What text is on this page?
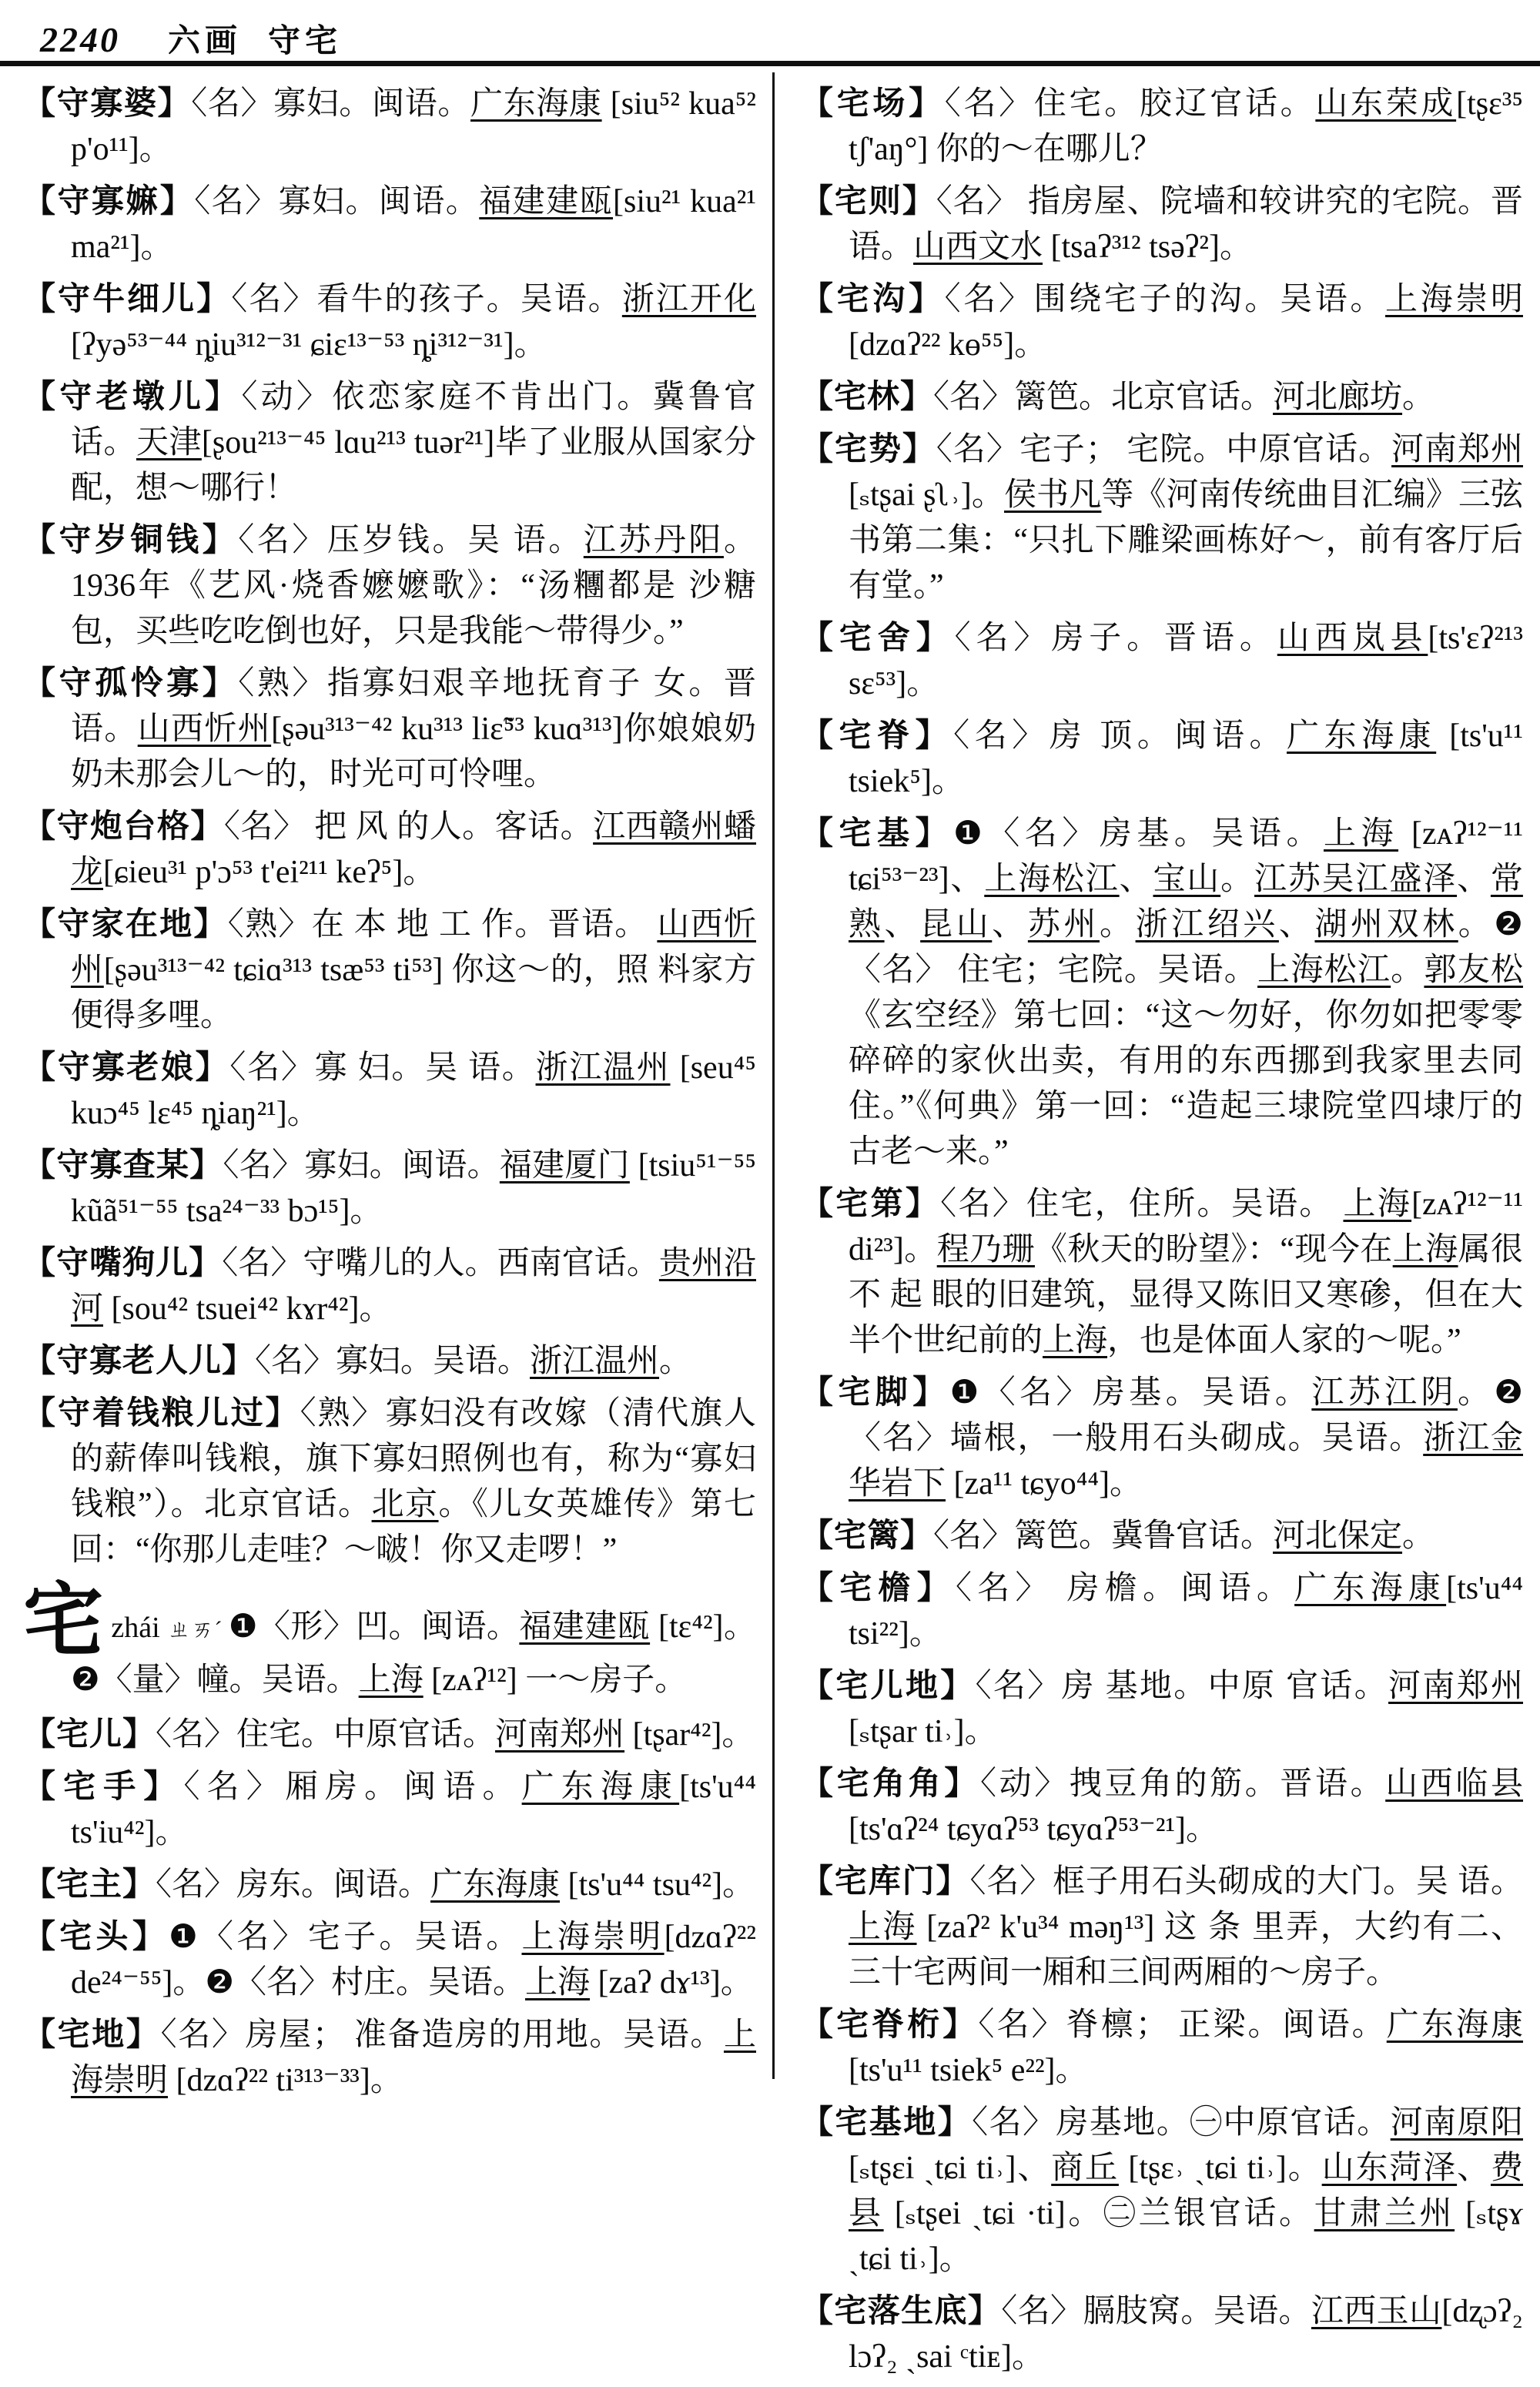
2240 六画 守宅

【守寡婆】〈名〉寡妇。闽语。广东海康 [siu⁵² kua⁵² p'o¹¹]。

【守寡嫲】〈名〉寡妇。闽语。福建建瓯[siu²¹ kua²¹ ma²¹]。

【守牛细儿】〈名〉看牛的孩子。吴语。浙江开化 [ʔyə⁵³⁻⁴⁴ ȵiu³¹²⁻³¹ ɕiɛ¹³⁻⁵³ ȵi³¹²⁻³¹]。

【守老墩儿】〈动〉依恋家庭不肯出门。冀鲁官 话。天津[ʂou²¹³⁻⁴⁵ lɑu²¹³ tuər²¹]毕了业服从国家分配，想～哪行！

【守岁铜钱】〈名〉压岁钱。吴 语。江苏丹阳。1936年《艺风·烧香嬷嬷歌》：“汤糰都是 沙糖包，买些吃吃倒也好，只是我能～带得少。”

【守孤怜寡】〈熟〉指寡妇艰辛地抚育子 女。晋语。山西忻州[ʂəu³¹³⁻⁴² ku³¹³ liɛ̃⁵³ kuɑ³¹³]你娘娘奶奶未那会儿～的，时光可可怜哩。

【守炮台格】〈名〉 把 风 的人。客话。江西赣州蟠龙[ɕieu³¹ p'ɔ⁵³ t'ei²¹¹ keʔ⁵]。

【守家在地】〈熟〉在 本 地 工 作。晋语。 山西忻州[ʂəu³¹³⁻⁴² tɕiɑ³¹³ tsæ⁵³ ti⁵³] 你这～的，照 料家方便得多哩。

【守寡老娘】〈名〉寡 妇。吴 语。浙江温州 [seu⁴⁵ kuɔ⁴⁵ lɛ⁴⁵ ȵiaŋ²¹]。

【守寡查某】〈名〉寡妇。闽语。福建厦门 [tsiu⁵¹⁻⁵⁵ kũã⁵¹⁻⁵⁵ tsa²⁴⁻³³ bɔ¹⁵]。

【守嘴狗儿】〈名〉守嘴儿的人。西南官话。贵州沿河 [sou⁴² tsuei⁴² kɤr⁴²]。

【守寡老人儿】〈名〉寡妇。吴语。浙江温州。

【守着钱粮儿过】〈熟〉寡妇没有改嫁（清代旗人的薪俸叫钱粮，旗下寡妇照例也有，称为“寡妇钱粮”）。北京官话。北京。《儿女英雄传》第七回：“你那儿走哇？～啵！你又走啰！”

宅 zhái ㄓㄞˊ ❶〈形〉凹。闽语。福建建瓯 [tɛ⁴²]。❷〈量〉幢。吴语。上海 [zᴀʔ¹²] 一～房子。

【宅儿】〈名〉住宅。中原官话。河南郑州 [tʂar⁴²]。

【宅手】〈名〉厢房。闽语。广东海康[ts'u⁴⁴ ts'iu⁴²]。

【宅主】〈名〉房东。闽语。广东海康 [ts'u⁴⁴ tsu⁴²]。

【宅头】❶〈名〉宅子。吴语。上海崇明[dzɑʔ²² de²⁴⁻⁵⁵]。❷〈名〉村庄。吴语。上海 [zaʔ dɤ¹³]。

【宅地】〈名〉房屋； 准备造房的用地。吴语。上海崇明 [dzɑʔ²² ti³¹³⁻³³]。

【宅场】〈名〉住宅。胶辽官话。山东荣成[tʂɛ³⁵ tʃ'aŋ°] 你的～在哪儿？

【宅则】〈名〉 指房屋、院墙和较讲究的宅院。晋语。山西文水 [tsaʔ³¹² tsəʔ²]。

【宅沟】〈名〉围绕宅子的沟。吴语。上海崇明 [dzɑʔ²² kɵ⁵⁵]。

【宅林】〈名〉篱笆。北京官话。河北廊坊。

【宅势】〈名〉宅子； 宅院。中原官话。河南郑州 [ₛtʂai ʂʅ˒]。侯书凡等《河南传统曲目汇编》三弦书第二集：“只扎下雕梁画栋好～，前有客厅后有堂。”

【宅舍】〈名〉房子。晋语。山西岚县[ts'ɛʔ²¹³ sɛ⁵³]。

【宅脊】〈名〉房 顶。闽语。广东海康 [ts'u¹¹ tsiek⁵]。

【宅基】❶〈名〉房基。吴语。上海 [zᴀʔ¹²⁻¹¹ tɕi⁵³⁻²³]、上海松江、宝山。江苏吴江盛泽、常熟、昆山、苏州。浙江绍兴、湖州双林。❷〈名〉 住宅；宅院。吴语。上海松江。郭友松《玄空经》第七回：“这～勿好，你勿如把零零碎碎的家伙出卖，有用的东西挪到我家里去同住。”《何典》第一回：“造起三埭院堂四埭厅的古老～来。”

【宅第】〈名〉住宅，住所。吴语。 上海[zᴀʔ¹²⁻¹¹ di²³]。程乃珊《秋天的盼望》：“现今在上海属很不 起 眼的旧建筑，显得又陈旧又寒碜，但在大半个世纪前的上海，也是体面人家的～呢。”

【宅脚】❶〈名〉房基。吴语。江苏江阴。❷〈名〉墙根，一般用石头砌成。吴语。浙江金华岩下 [za¹¹ tɕyo⁴⁴]。

【宅篱】〈名〉篱笆。冀鲁官话。河北保定。

【宅檐】〈名〉 房檐。闽语。广东海康[ts'u⁴⁴ tsi²²]。

【宅儿地】〈名〉房 基地。中原 官话。河南郑州 [ₛtʂar ti˒]。

【宅角角】〈动〉拽豆角的筋。晋语。山西临县 [ts'ɑʔ²⁴ tɕyɑʔ⁵³ tɕyɑʔ⁵³⁻²¹]。

【宅库门】〈名〉框子用石头砌成的大门。吴 语。 上海 [zaʔ² k'u³⁴ məŋ¹³] 这 条 里弄，大约有二、三十宅两间一厢和三间两厢的～房子。

【宅脊桁】〈名〉脊檩； 正梁。闽语。广东海康[ts'u¹¹ tsiek⁵ e²²]。

【宅基地】〈名〉房基地。㊀中原官话。河南原阳 [ₛtʂɛi ˏtɕi ti˒]、商丘 [tʂɛ˒ ˏtɕi ti˒]。山东菏泽、费县 [ₛtʂei ˏtɕi ·ti]。㊁兰银官话。甘肃兰州 [ₛtʂɤ ˏtɕi ti˒]。

【宅落生底】〈名〉膈肢窝。吴语。江西玉山[dʐɔʔ₂ lɔʔ₂ ˏsai ᶜtiᴇ]。
